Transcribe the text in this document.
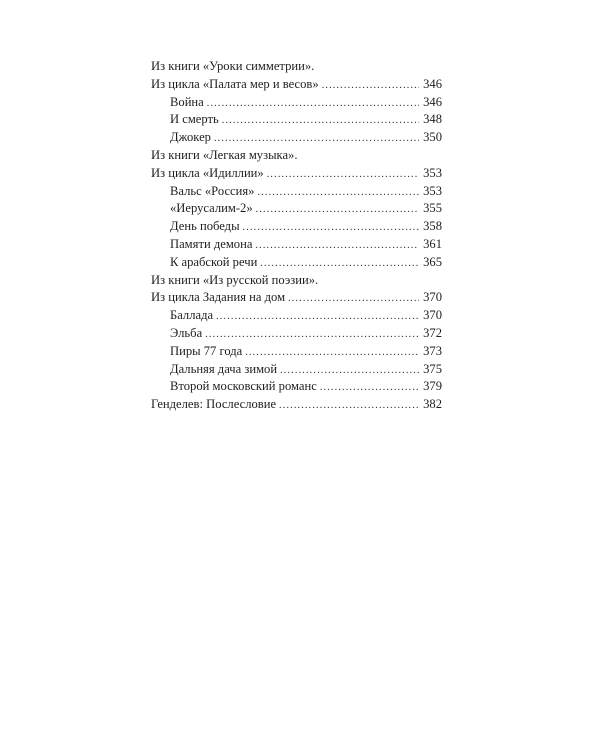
Из книги «Уроки симметрии».
Из цикла «Палата мер и весов» .....	346
Война .....	346
И смерть .....	348
Джокер .....	350
Из книги «Легкая музыка».
Из цикла «Идиллии» .....	353
Вальс «Россия» .....	353
«Иерусалим-2» .....	355
День победы .....	358
Памяти демона .....	361
К арабской речи .....	365
Из книги «Из русской поэзии».
Из цикла Задания на дом .....	370
Баллада .....	370
Эльба .....	372
Пиры 77 года .....	373
Дальняя дача зимой .....	375
Второй московский романс .....	379
Генделев: Послесловие .....	382
